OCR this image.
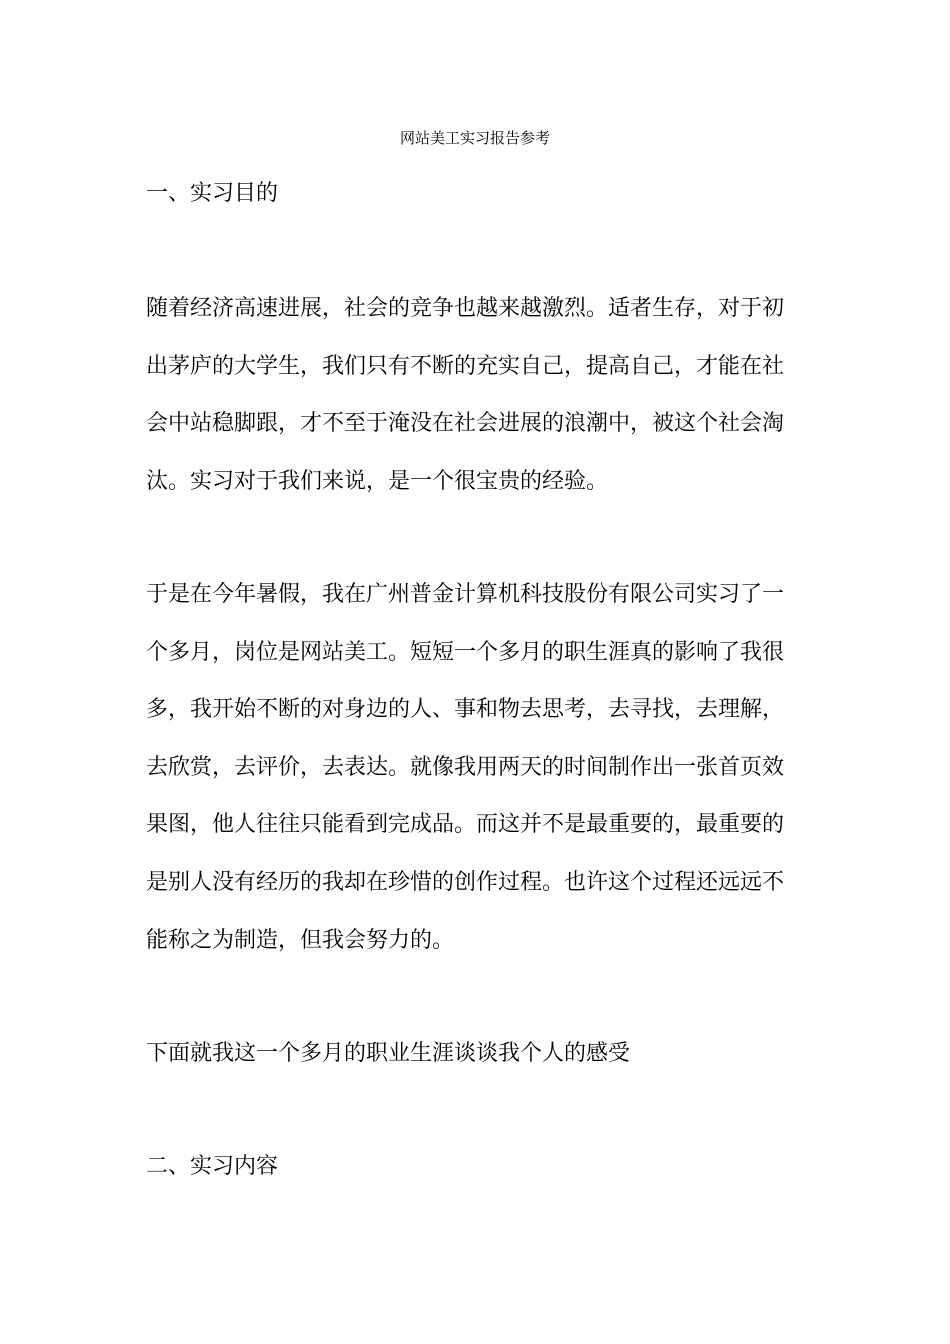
网站美工实习报告参考
一、实习目的
随着经济高速进展，社会的竞争也越来越激烈。适者生存，对于初
出茅庐的大学生，我们只有不断的充实自己，提高自己，才能在社
会中站稳脚跟，才不至于淹没在社会进展的浪潮中，被这个社会淘
汰。实习对于我们来说，是一个很宝贵的经验。
于是在今年暑假，我在广州普金计算机科技股份有限公司实习了一
个多月，岗位是网站美工。短短一个多月的职生涯真的影响了我很
多，我开始不断的对身边的人、事和物去思考，去寻找，去理解，
去欣赏，去评价，去表达。就像我用两天的时间制作出一张首页效
果图，他人往往只能看到完成品。而这并不是最重要的，最重要的
是别人没有经历的我却在珍惜的创作过程。也许这个过程还远远不
能称之为制造，但我会努力的。
下面就我这一个多月的职业生涯谈谈我个人的感受
二、实习内容
